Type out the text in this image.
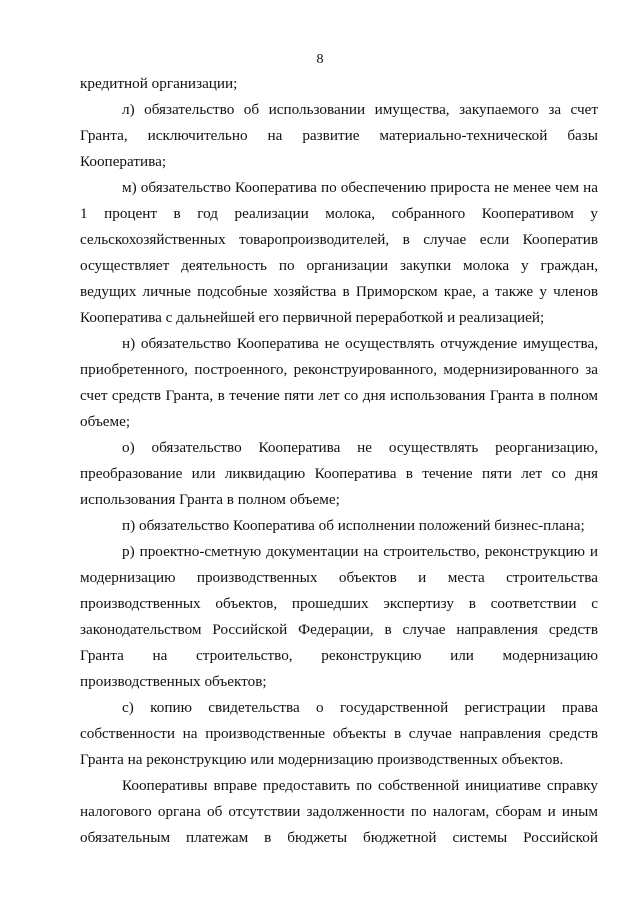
8

кредитной организации;

л) обязательство об использовании имущества, закупаемого за счет Гранта, исключительно на развитие материально-технической базы Кооператива;

м) обязательство Кооператива по обеспечению прироста не менее чем на 1 процент в год реализации молока, собранного Кооперативом у сельскохозяйственных товаропроизводителей, в случае если Кооператив осуществляет деятельность по организации закупки молока у граждан, ведущих личные подсобные хозяйства в Приморском крае, а также у членов Кооператива с дальнейшей его первичной переработкой и реализацией;

н) обязательство Кооператива не осуществлять отчуждение имущества, приобретенного, построенного, реконструированного, модернизированного за счет средств Гранта, в течение пяти лет со дня использования Гранта в полном объеме;

о) обязательство Кооператива не осуществлять реорганизацию, преобразование или ликвидацию Кооператива в течение пяти лет со дня использования Гранта в полном объеме;

п) обязательство Кооператива об исполнении положений бизнес-плана;

р) проектно-сметную документации на строительство, реконструкцию и модернизацию производственных объектов и места строительства производственных объектов, прошедших экспертизу в соответствии с законодательством Российской Федерации, в случае направления средств Гранта на строительство, реконструкцию или модернизацию производственных объектов;

с) копию свидетельства о государственной регистрации права собственности на производственные объекты в случае направления средств Гранта на реконструкцию или модернизацию производственных объектов.

Кооперативы вправе предоставить по собственной инициативе справку налогового органа об отсутствии задолженности по налогам, сборам и иным обязательным платежам в бюджеты бюджетной системы Российской
